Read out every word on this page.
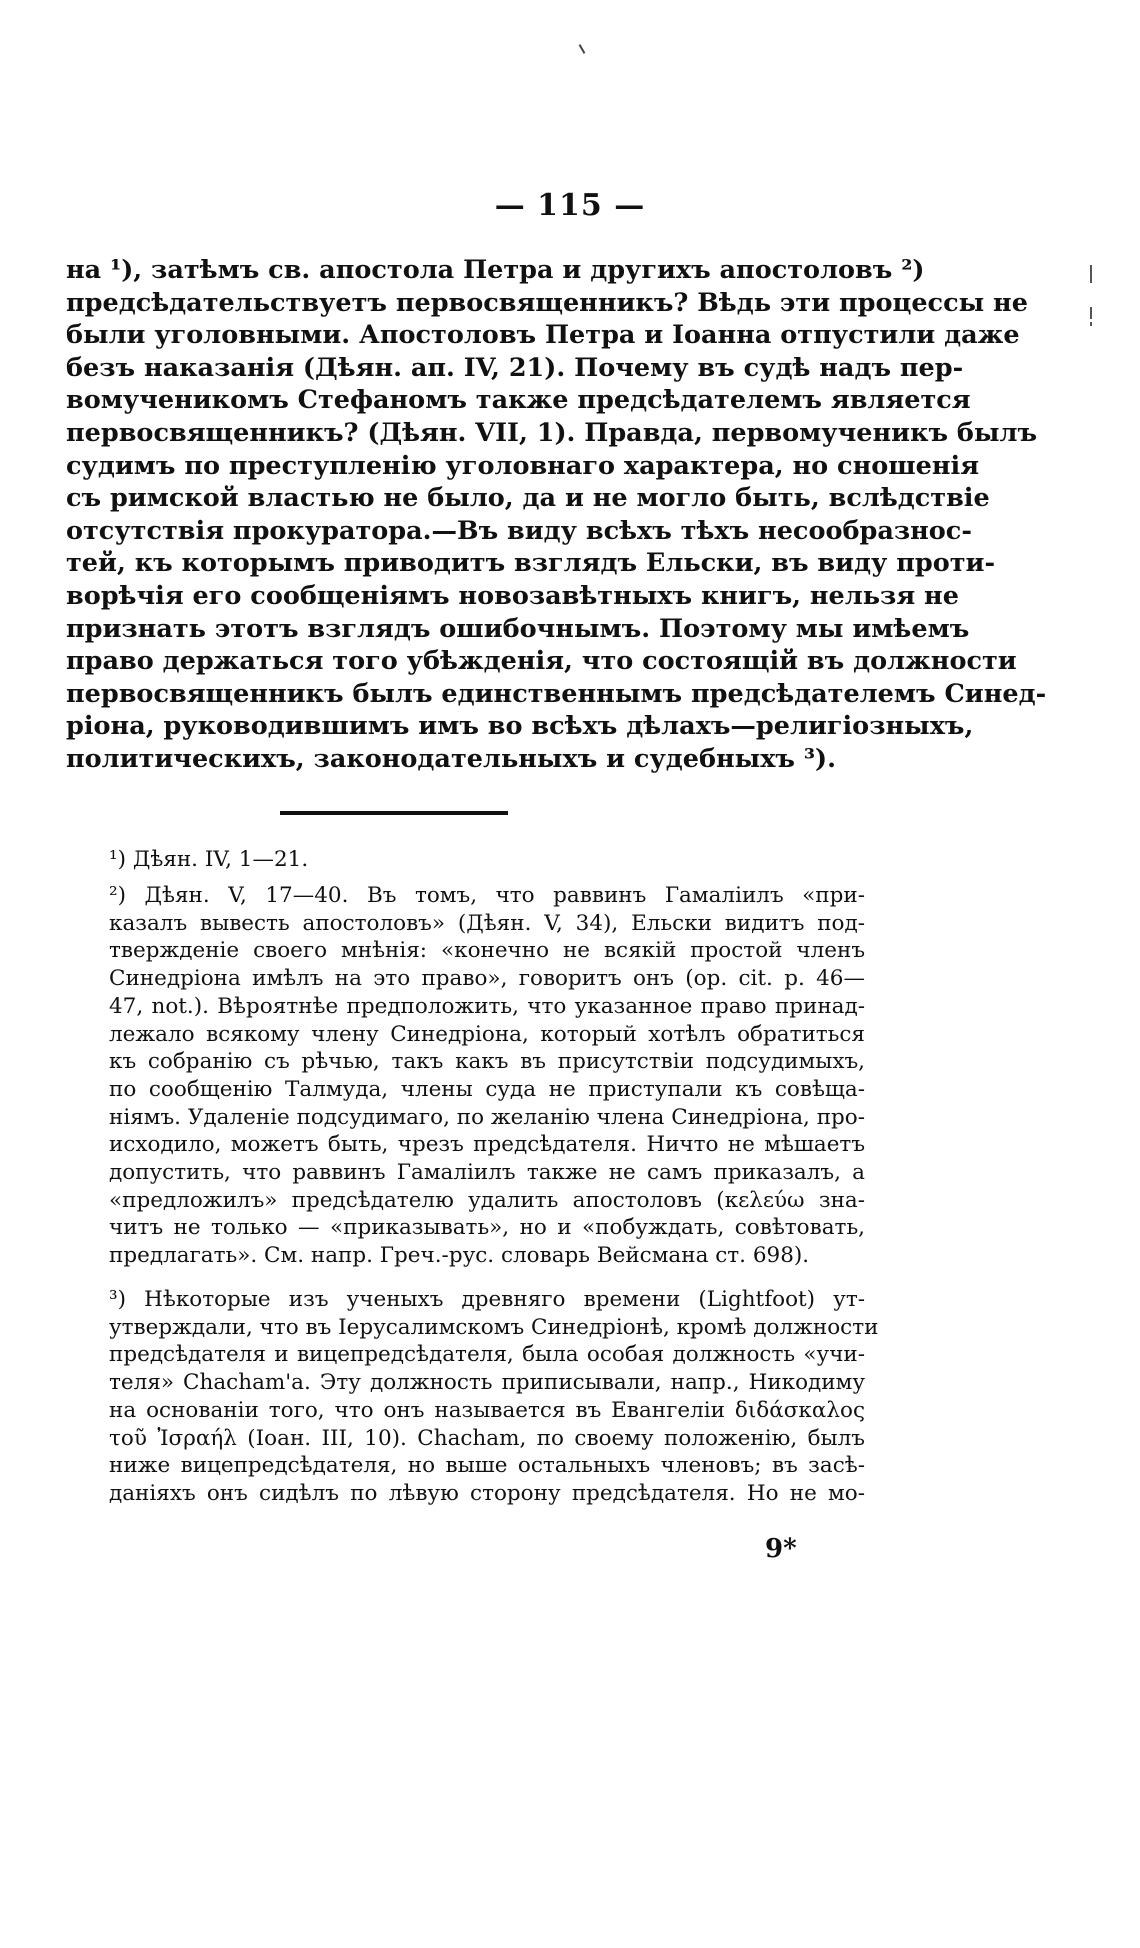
— 115 —
на ¹), затѣмъ св. апостола Петра и другихъ апостоловъ ²)
предсѣдательствуетъ первосвященникъ? Вѣдь эти процессы не
были уголовными. Апостоловъ Петра и Іоанна отпустили даже
безъ наказанія (Дѣян. ап. IV, 21). Почему въ судѣ надъ пер-
вомученикомъ Стефаномъ также предсѣдателемъ является
первосвященникъ? (Дѣян. VII, 1). Правда, первомученикъ былъ
судимъ по преступленію уголовнаго характера, но сношенія
съ римской властью не было, да и не могло быть, вслѣдствіе
отсутствія прокуратора.—Въ виду всѣхъ тѣхъ несообразнос-
тей, къ которымъ приводитъ взглядъ Ельски, въ виду проти-
ворѣчія его сообщеніямъ новозавѣтныхъ книгъ, нельзя не
признать этотъ взглядъ ошибочнымъ. Поэтому мы имѣемъ
право держаться того убѣжденія, что состоящій въ должности
первосвященникъ былъ единственнымъ предсѣдателемъ Синед-
ріона, руководившимъ имъ во всѣхъ дѣлахъ—религіозныхъ,
политическихъ, законодательныхъ и судебныхъ ³).
¹) Дѣян. IV, 1—21.
²) Дѣян. V, 17—40. Въ томъ, что раввинъ Гамаліилъ «при-
казалъ вывесть апостоловъ» (Дѣян. V, 34), Ельски видитъ под-
твержденіе своего мнѣнія: «конечно не всякій простой членъ
Синедріона имѣлъ на это право», говоритъ онъ (op. cit. p. 46—
47, not.). Вѣроятнѣе предположить, что указанное право принад-
лежало всякому члену Синедріона, который хотѣлъ обратиться
къ собранію съ рѣчью, такъ какъ въ присутствіи подсудимыхъ,
по сообщенію Талмуда, члены суда не приступали къ совѣща-
ніямъ. Удаленіе подсудимаго, по желанію члена Синедріона, про-
исходило, можетъ быть, чрезъ предсѣдателя. Ничто не мѣшаетъ
допустить, что раввинъ Гамаліилъ также не самъ приказалъ, а
«предложилъ» предсѣдателю удалить апостоловъ (κελεύω зна-
читъ не только — «приказывать», но и «побуждать, совѣтовать,
предлагать». См. напр. Греч.-рус. словарь Вейсмана ст. 698).
³) Нѣкоторые изъ ученыхъ древняго времени (Lightfoot) ут-
утверждали, что въ Іерусалимскомъ Синедріонѣ, кромѣ должности
предсѣдателя и вицепредсѣдателя, была особая должность «учи-
теля» Chacham'a. Эту должность приписывали, напр., Никодиму
на основаніи того, что онъ называется въ Евангеліи διδάσκαλος
τοῦ Ἰσραήλ (Іоан. III, 10). Chacham, по своему положенію, былъ
ниже вицепредсѣдателя, но выше остальныхъ членовъ; въ засѣ-
даніяхъ онъ сидѣлъ по лѣвую сторону предсѣдателя. Но не мо-
9*
